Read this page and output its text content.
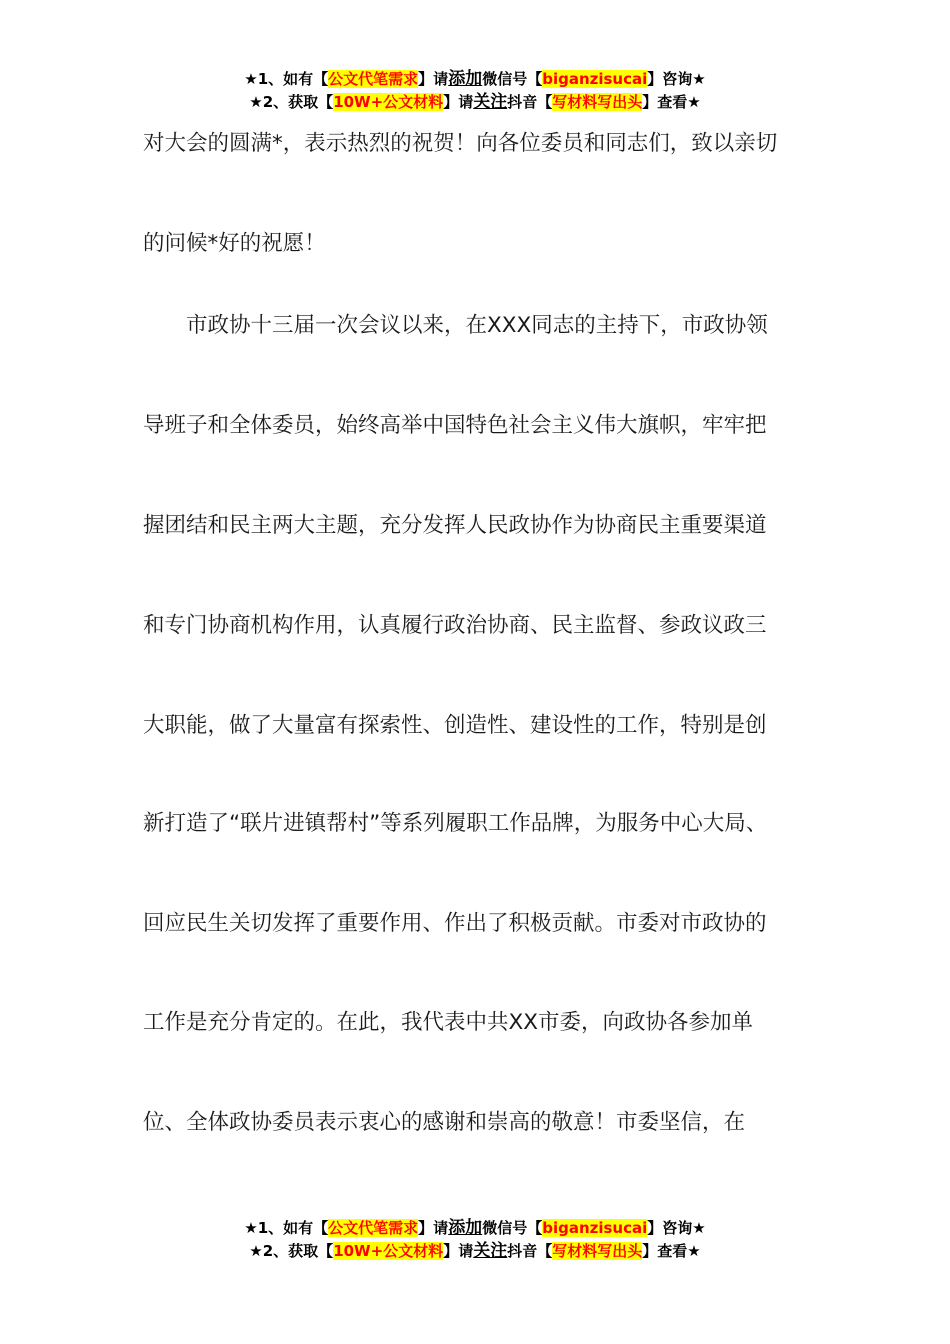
★1、如有【公文代笔需求】请添加微信号【biganzisucai】咨询★
★2、获取【10W+公文材料】请关注抖音【写材料写出头】查看★
对大会的圆满*，表示热烈的祝贺！向各位委员和同志们，致以亲切
的问候*好的祝愿！
　　市政协十三届一次会议以来，在XXX同志的主持下，市政协领
导班子和全体委员，始终高举中国特色社会主义伟大旗帜，牢牢把
握团结和民主两大主题，充分发挥人民政协作为协商民主重要渠道
和专门协商机构作用，认真履行政治协商、民主监督、参政议政三
大职能，做了大量富有探索性、创造性、建设性的工作，特别是创
新打造了“联片进镇帮村”等系列履职工作品牌，为服务中心大局、
回应民生关切发挥了重要作用、作出了积极贡献。市委对市政协的
工作是充分肯定的。在此，我代表中共XX市委，向政协各参加单
位、全体政协委员表示衷心的感谢和崇高的敬意！市委坚信，在
★1、如有【公文代笔需求】请添加微信号【biganzisucai】咨询★
★2、获取【10W+公文材料】请关注抖音【写材料写出头】查看★
